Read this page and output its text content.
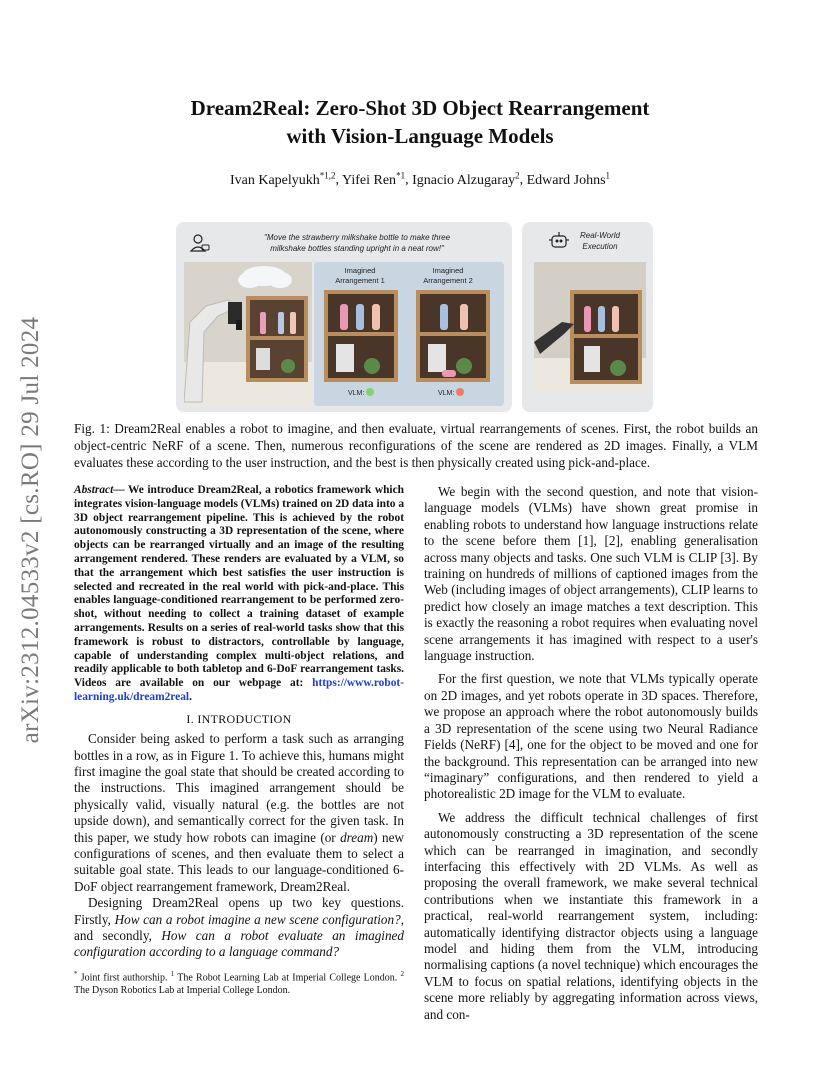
arXiv:2312.04533v2 [cs.RO] 29 Jul 2024
Dream2Real: Zero-Shot 3D Object Rearrangement
with Vision-Language Models
Ivan Kapelyukh$^{*1,2}$, Yifei Ren$^{*1}$, Ignacio Alzugaray$^2$, Edward Johns$^1$
"Move the strawberry milkshake bottle to make three
milkshake bottles standing upright in a neat row!"
Imagined
Arrangement 1
Imagined
Arrangement 2
VLM:	VLM:
Real-World
Execution
Fig. 1: Dream2Real enables a robot to imagine, and then evaluate, virtual rearrangements of scenes. First, the robot builds an object-centric NeRF of a scene. Then, numerous reconfigurations of the scene are rendered as 2D images. Finally, a VLM evaluates these according to the user instruction, and the best is then physically created using pick-and-place.

Abstract— We introduce Dream2Real, a robotics framework which integrates vision-language models (VLMs) trained on 2D data into a 3D object rearrangement pipeline. This is achieved by the robot autonomously constructing a 3D representation of the scene, where objects can be rearranged virtually and an image of the resulting arrangement rendered. These renders are evaluated by a VLM, so that the arrangement which best satisfies the user instruction is selected and recreated in the real world with pick-and-place. This enables language-conditioned rearrangement to be performed zero-shot, without needing to collect a training dataset of example arrangements. Results on a series of real-world tasks show that this framework is robust to distractors, controllable by language, capable of understanding complex multi-object relations, and readily applicable to both tabletop and 6-DoF rearrangement tasks. Videos are available on our webpage at: https://www.robot-learning.uk/dream2real.

I. INTRODUCTION

Consider being asked to perform a task such as arranging bottles in a row, as in Figure 1. To achieve this, humans might first imagine the goal state that should be created according to the instructions. This imagined arrangement should be physically valid, visually natural (e.g. the bottles are not upside down), and semantically correct for the given task. In this paper, we study how robots can imagine (or dream) new configurations of scenes, and then evaluate them to select a suitable goal state. This leads to our language-conditioned 6-DoF object rearrangement framework, Dream2Real.

Designing Dream2Real opens up two key questions. Firstly, How can a robot imagine a new scene configuration?, and secondly, How can a robot evaluate an imagined configuration according to a language command?

* Joint first authorship. $^1$ The Robot Learning Lab at Imperial College London. $^2$ The Dyson Robotics Lab at Imperial College London.

We begin with the second question, and note that vision-language models (VLMs) have shown great promise in enabling robots to understand how language instructions relate to the scene before them [1], [2], enabling generalisation across many objects and tasks. One such VLM is CLIP [3]. By training on hundreds of millions of captioned images from the Web (including images of object arrangements), CLIP learns to predict how closely an image matches a text description. This is exactly the reasoning a robot requires when evaluating novel scene arrangements it has imagined with respect to a user's language instruction.

For the first question, we note that VLMs typically operate on 2D images, and yet robots operate in 3D spaces. Therefore, we propose an approach where the robot autonomously builds a 3D representation of the scene using two Neural Radiance Fields (NeRF) [4], one for the object to be moved and one for the background. This representation can be arranged into new “imaginary” configurations, and then rendered to yield a photorealistic 2D image for the VLM to evaluate.

We address the difficult technical challenges of first autonomously constructing a 3D representation of the scene which can be rearranged in imagination, and secondly interfacing this effectively with 2D VLMs. As well as proposing the overall framework, we make several technical contributions when we instantiate this framework in a practical, real-world rearrangement system, including: automatically identifying distractor objects using a language model and hiding them from the VLM, introducing normalising captions (a novel technique) which encourages the VLM to focus on spatial relations, identifying objects in the scene more reliably by aggregating information across views, and con-
